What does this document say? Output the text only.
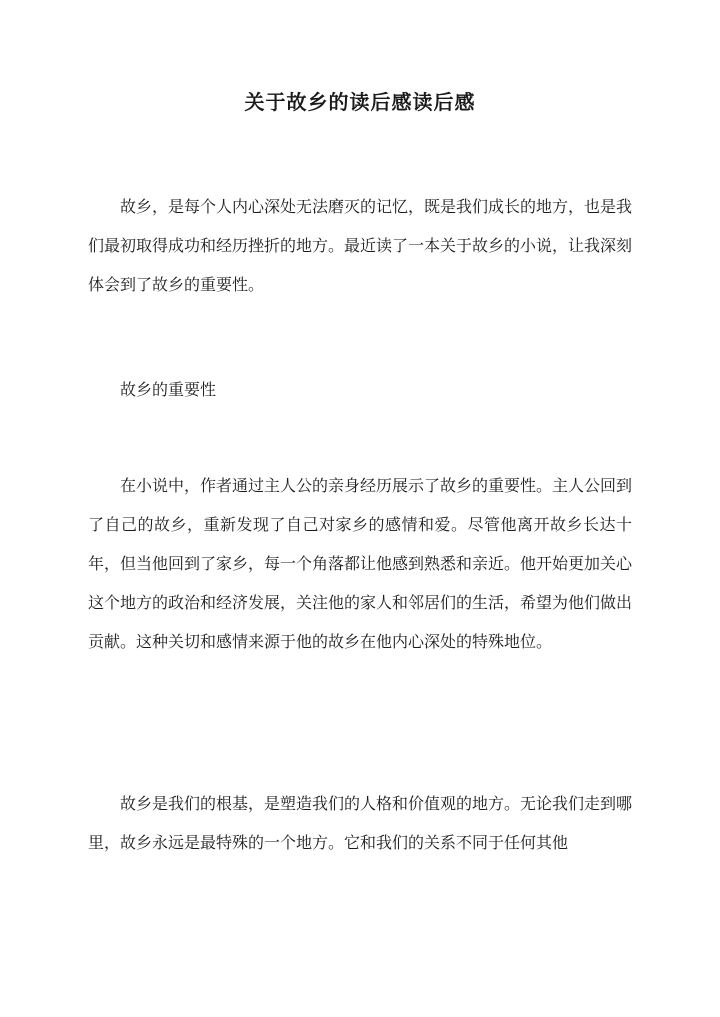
关于故乡的读后感读后感

故乡，是每个人内心深处无法磨灭的记忆，既是我们成长的地方，也是我们最初取得成功和经历挫折的地方。最近读了一本关于故乡的小说，让我深刻体会到了故乡的重要性。

故乡的重要性

在小说中，作者通过主人公的亲身经历展示了故乡的重要性。主人公回到了自己的故乡，重新发现了自己对家乡的感情和爱。尽管他离开故乡长达十年，但当他回到了家乡，每一个角落都让他感到熟悉和亲近。他开始更加关心这个地方的政治和经济发展，关注他的家人和邻居们的生活，希望为他们做出贡献。这种关切和感情来源于他的故乡在他内心深处的特殊地位。

故乡是我们的根基，是塑造我们的人格和价值观的地方。无论我们走到哪里，故乡永远是最特殊的一个地方。它和我们的关系不同于任何其他
